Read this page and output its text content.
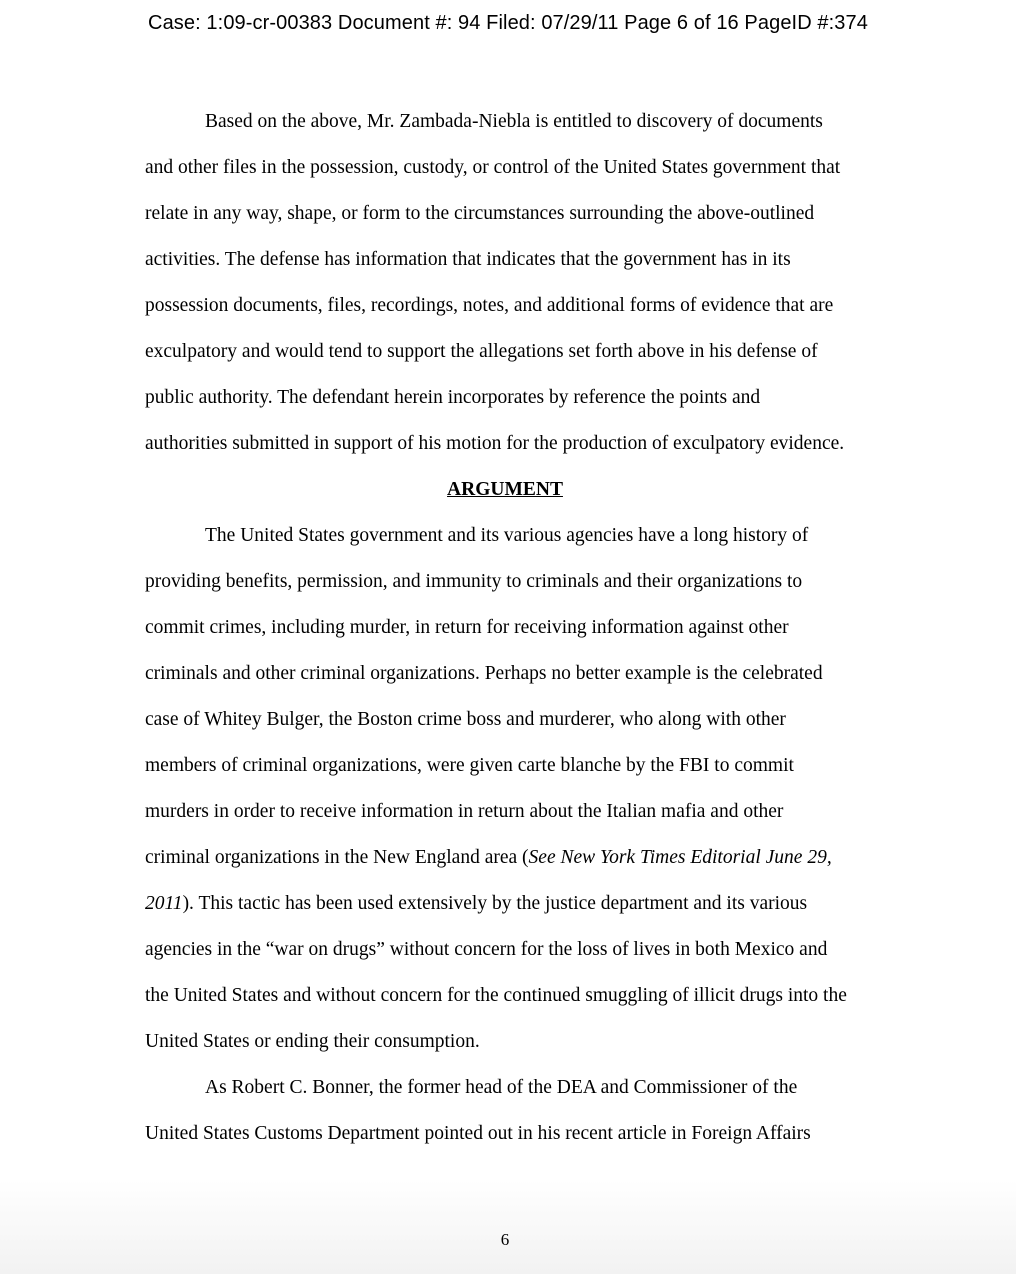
Case: 1:09-cr-00383 Document #: 94 Filed: 07/29/11 Page 6 of 16 PageID #:374
Based on the above, Mr. Zambada-Niebla is entitled to discovery of documents
and other files in the possession, custody, or control of the United States government that
relate in any way, shape, or form to the circumstances surrounding the above-outlined
activities. The defense has information that indicates that the government has in its
possession documents, files, recordings, notes, and additional forms of evidence that are
exculpatory and would tend to support the allegations set forth above in his defense of
public authority. The defendant herein incorporates by reference the points and
authorities submitted in support of his motion for the production of exculpatory evidence.
ARGUMENT
The United States government and its various agencies have a long history of
providing benefits, permission, and immunity to criminals and their organizations to
commit crimes, including murder, in return for receiving information against other
criminals and other criminal organizations. Perhaps no better example is the celebrated
case of Whitey Bulger, the Boston crime boss and murderer, who along with other
members of criminal organizations, were given carte blanche by the FBI to commit
murders in order to receive information in return about the Italian mafia and other
criminal organizations in the New England area (See New York Times Editorial June 29,
2011). This tactic has been used extensively by the justice department and its various
agencies in the “war on drugs” without concern for the loss of lives in both Mexico and
the United States and without concern for the continued smuggling of illicit drugs into the
United States or ending their consumption.
As Robert C. Bonner, the former head of the DEA and Commissioner of the
United States Customs Department pointed out in his recent article in Foreign Affairs
6
